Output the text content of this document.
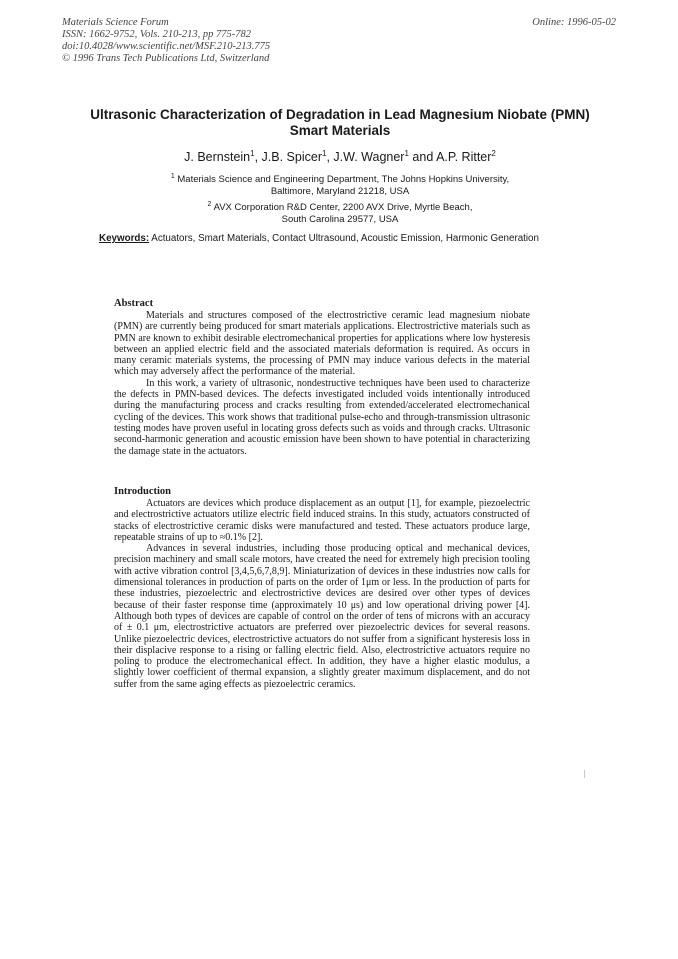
Materials Science Forum
ISSN: 1662-9752, Vols. 210-213, pp 775-782
doi:10.4028/www.scientific.net/MSF.210-213.775
© 1996 Trans Tech Publications Ltd, Switzerland
Online: 1996-05-02
Ultrasonic Characterization of Degradation in Lead Magnesium Niobate (PMN) Smart Materials
J. Bernstein$^1$, J.B. Spicer$^1$, J.W. Wagner$^1$ and A.P. Ritter$^2$
$^1$ Materials Science and Engineering Department, The Johns Hopkins University,
Baltimore, Maryland 21218, USA
$^2$ AVX Corporation R&D Center, 2200 AVX Drive, Myrtle Beach,
South Carolina 29577, USA
Keywords: Actuators, Smart Materials, Contact Ultrasound, Acoustic Emission, Harmonic Generation
Abstract

Materials and structures composed of the electrostrictive ceramic lead magnesium niobate (PMN) are currently being produced for smart materials applications. Electrostrictive materials such as PMN are known to exhibit desirable electromechanical properties for applications where low hysteresis between an applied electric field and the associated materials deformation is required. As occurs in many ceramic materials systems, the processing of PMN may induce various defects in the material which may adversely affect the performance of the material.

In this work, a variety of ultrasonic, nondestructive techniques have been used to characterize the defects in PMN-based devices. The defects investigated included voids intentionally introduced during the manufacturing process and cracks resulting from extended/accelerated electromechanical cycling of the devices. This work shows that traditional pulse-echo and through-transmission ultrasonic testing modes have proven useful in locating gross defects such as voids and through cracks. Ultrasonic second-harmonic generation and acoustic emission have been shown to have potential in characterizing the damage state in the actuators.

Introduction

Actuators are devices which produce displacement as an output [1], for example, piezoelectric and electrostrictive actuators utilize electric field induced strains. In this study, actuators constructed of stacks of electrostrictive ceramic disks were manufactured and tested. These actuators produce large, repeatable strains of up to ≈0.1% [2].

Advances in several industries, including those producing optical and mechanical devices, precision machinery and small scale motors, have created the need for extremely high precision tooling with active vibration control [3,4,5,6,7,8,9]. Miniaturization of devices in these industries now calls for dimensional tolerances in production of parts on the order of 1μm or less. In the production of parts for these industries, piezoelectric and electrostrictive devices are desired over other types of devices because of their faster response time (approximately 10 μs) and low operational driving power [4]. Although both types of devices are capable of control on the order of tens of microns with an accuracy of ± 0.1 μm, electrostrictive actuators are preferred over piezoelectric devices for several reasons. Unlike piezoelectric devices, electrostrictive actuators do not suffer from a significant hysteresis loss in their displacive response to a rising or falling electric field. Also, electrostrictive actuators require no poling to produce the electromechanical effect. In addition, they have a higher elastic modulus, a slightly lower coefficient of thermal expansion, a slightly greater maximum displacement, and do not suffer from the same aging effects as piezoelectric ceramics.
